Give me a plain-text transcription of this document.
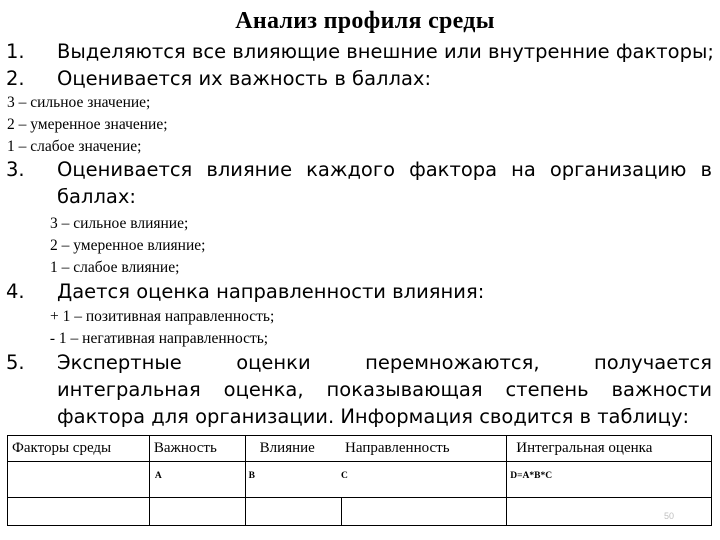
Анализ профиля среды
1. Выделяются все влияющие внешние или внутренние факторы;
2. Оценивается их важность в баллах:
3 – сильное значение;
2 – умеренное значение;
1 – слабое значение;
3. Оценивается влияние каждого фактора на организацию в баллах:
3 – сильное влияние;
2 – умеренное влияние;
1 – слабое влияние;
4. Дается оценка направленности влияния:
+ 1 – позитивная направленность;
- 1 – негативная направленность;
5. Экспертные оценки перемножаются, получается интегральная оценка, показывающая степень важности фактора для организации. Информация сводится в таблицу:
Факторы среды	Важность	Влияние	Направленность	Интегральная оценка
	A	B	C	D=A*B*C

50
